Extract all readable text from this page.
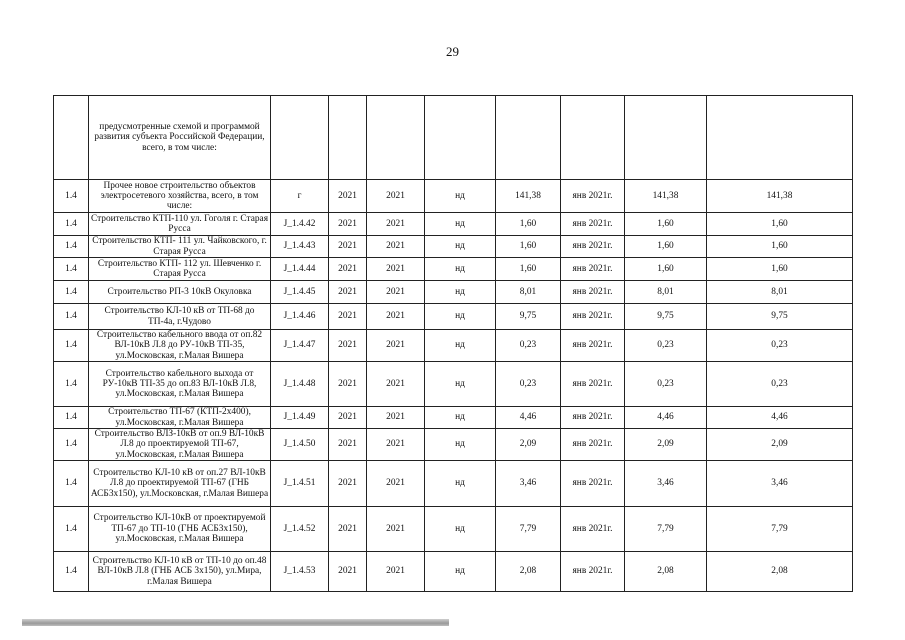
29
	предусмотренные схемой и программой развития субъекта Российской Федерации, всего, в том числе:								
1.4	Прочее новое строительство объектов электросетевого хозяйства, всего, в том числе:	г	2021	2021	нд	141,38	янв 2021г.	141,38	141,38
1.4	Строительство КТП-110 ул. Гоголя г. Старая Русса	J_1.4.42	2021	2021	нд	1,60	янв 2021г.	1,60	1,60
1.4	Строительство КТП- 111 ул. Чайковского, г. Старая Русса	J_1.4.43	2021	2021	нд	1,60	янв 2021г.	1,60	1,60
1.4	Строительство КТП- 112 ул. Шевченко г. Старая Русса	J_1.4.44	2021	2021	нд	1,60	янв 2021г.	1,60	1,60
1.4	Строительство РП-3 10кВ Окуловка	J_1.4.45	2021	2021	нд	8,01	янв 2021г.	8,01	8,01
1.4	Строительство КЛ-10 кВ от ТП-68 до ТП-4а, г.Чудово	J_1.4.46	2021	2021	нд	9,75	янв 2021г.	9,75	9,75
1.4	Строительство кабельного ввода от оп.82 ВЛ-10кВ Л.8 до РУ-10кВ ТП-35, ул.Московская, г.Малая Вишера	J_1.4.47	2021	2021	нд	0,23	янв 2021г.	0,23	0,23
1.4	Строительство кабельного выхода от РУ-10кВ ТП-35 до оп.83 ВЛ-10кВ Л.8, ул.Московская, г.Малая Вишера	J_1.4.48	2021	2021	нд	0,23	янв 2021г.	0,23	0,23
1.4	Строительство ТП-67 (КТП-2х400), ул.Московская, г.Малая Вишера	J_1.4.49	2021	2021	нд	4,46	янв 2021г.	4,46	4,46
1.4	Строительство ВЛЗ-10кВ от оп.9 ВЛ-10кВ Л.8 до проектируемой ТП-67, ул.Московская, г.Малая Вишера	J_1.4.50	2021	2021	нд	2,09	янв 2021г.	2,09	2,09
1.4	Строительство КЛ-10 кВ от оп.27 ВЛ-10кВ Л.8 до проектируемой ТП-67 (ГНБ АСБ3х150), ул.Московская, г.Малая Вишера	J_1.4.51	2021	2021	нд	3,46	янв 2021г.	3,46	3,46
1.4	Строительство КЛ-10кВ от проектируемой ТП-67 до ТП-10 (ГНБ АСБ3х150), ул.Московская, г.Малая Вишера	J_1.4.52	2021	2021	нд	7,79	янв 2021г.	7,79	7,79
1.4	Строительство КЛ-10 кВ от ТП-10 до оп.48 ВЛ-10кВ Л.8 (ГНБ АСБ 3х150), ул.Мира, г.Малая Вишера	J_1.4.53	2021	2021	нд	2,08	янв 2021г.	2,08	2,08
